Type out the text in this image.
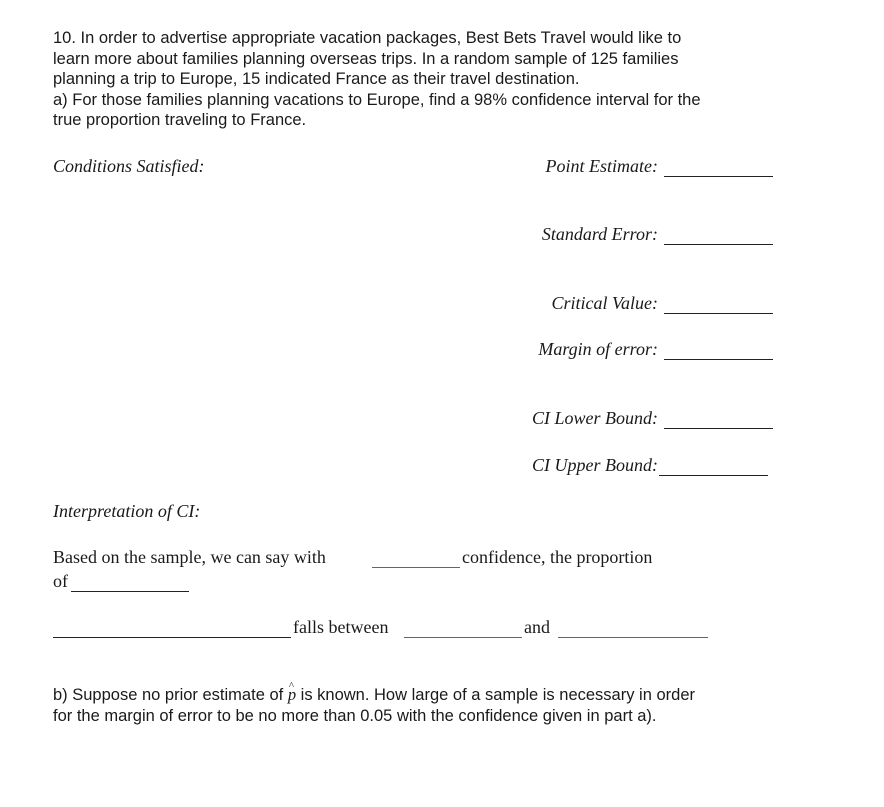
10. In order to advertise appropriate vacation packages, Best Bets Travel would like to
learn more about families planning overseas trips. In a random sample of 125 families
planning a trip to Europe, 15 indicated France as their travel destination.
a) For those families planning vacations to Europe, find a 98% confidence interval for the
true proportion traveling to France.
Conditions Satisfied:	Point Estimate:
Standard Error:
Critical Value:
Margin of error:
CI Lower Bound:
CI Upper Bound:
Interpretation of CI:
Based on the sample, we can say with	confidence, the proportion
of
falls between	and
b) Suppose no prior estimate of ^ p is known. How large of a sample is necessary in order
for the margin of error to be no more than 0.05 with the confidence given in part a).
